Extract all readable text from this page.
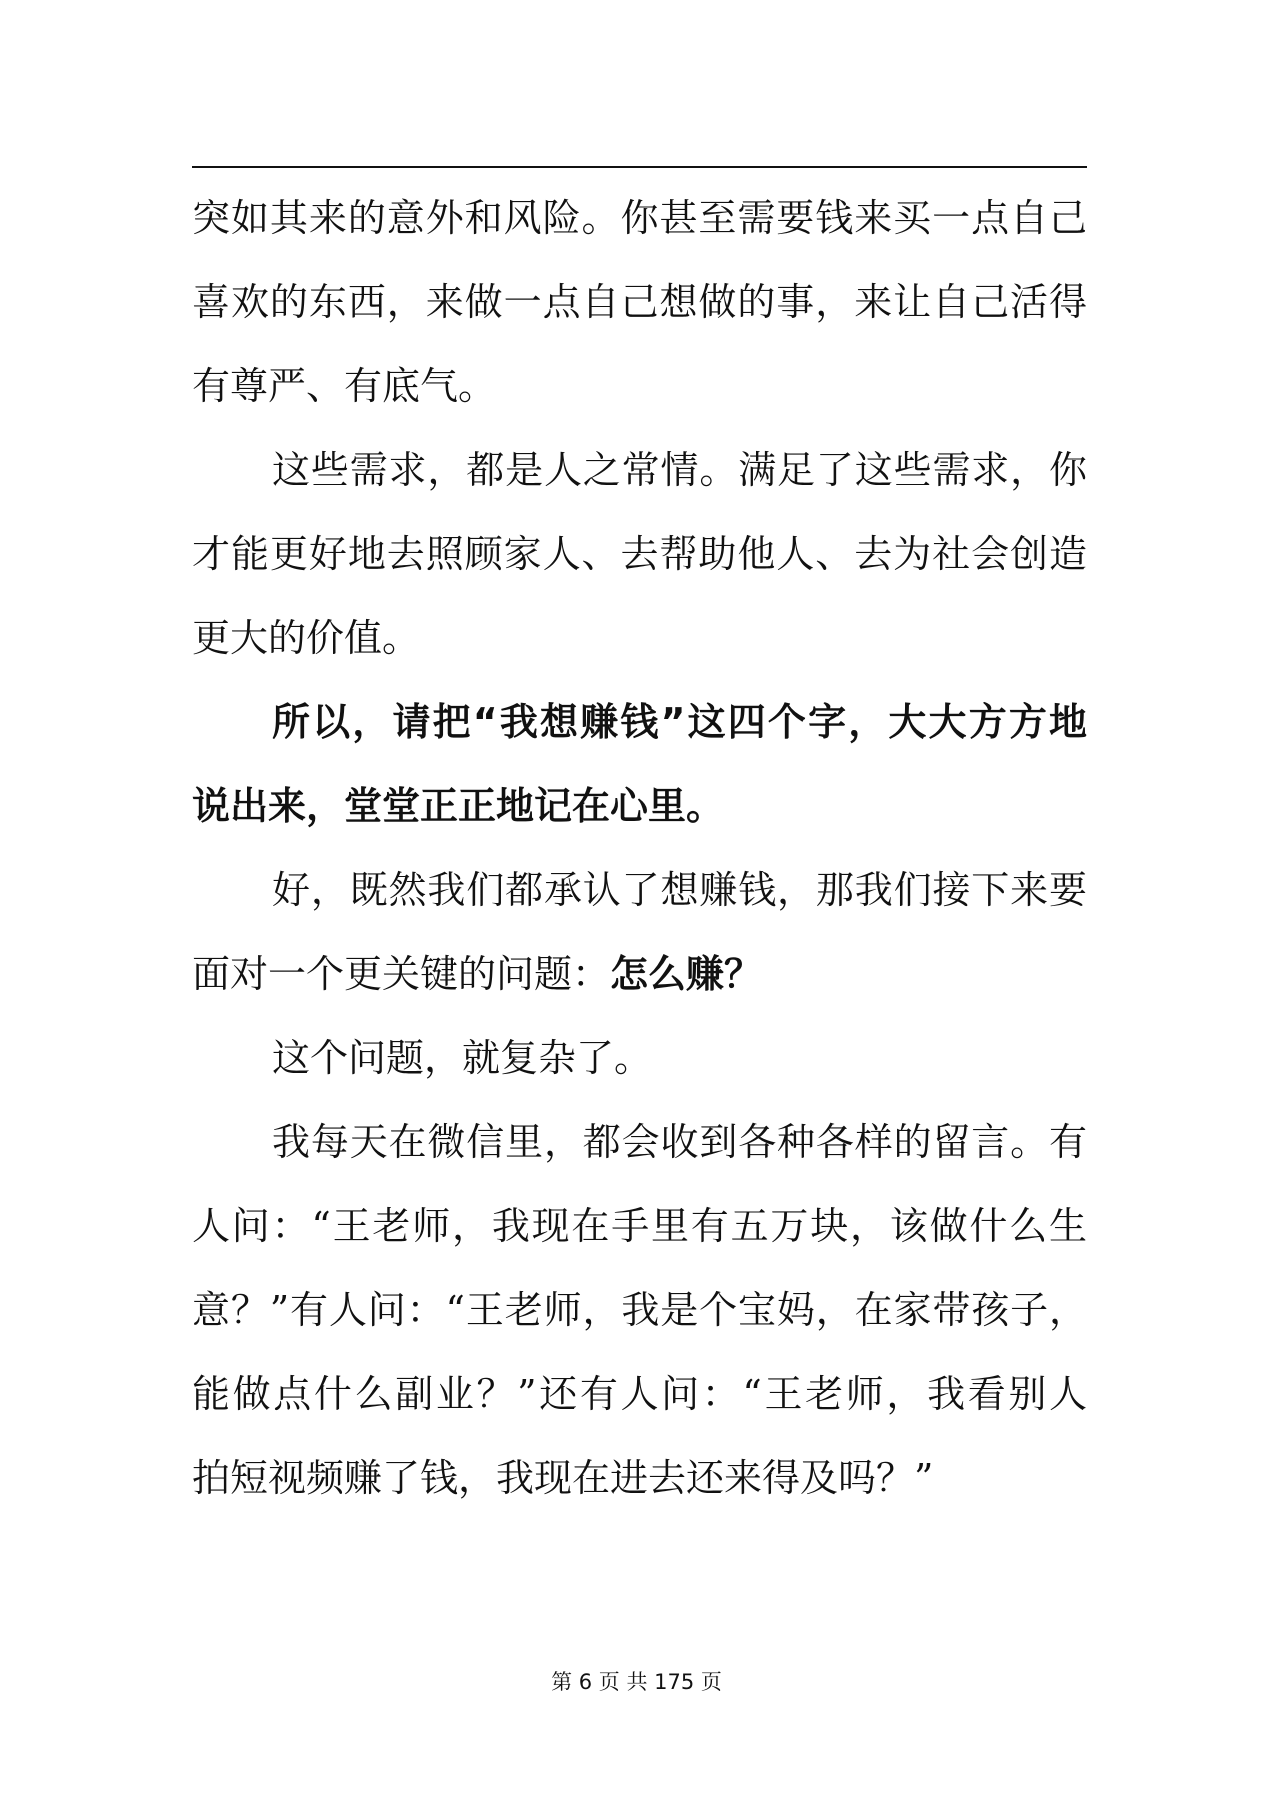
突如其来的意外和风险。你甚至需要钱来买一点自己
喜欢的东西，来做一点自己想做的事，来让自己活得
有尊严、有底气。
这些需求，都是人之常情。满足了这些需求，你
才能更好地去照顾家人、去帮助他人、去为社会创造
更大的价值。
所以，请把“我想赚钱”这四个字，大大方方地
说出来，堂堂正正地记在心里。
好，既然我们都承认了想赚钱，那我们接下来要
面对一个更关键的问题：怎么赚？
这个问题，就复杂了。
我每天在微信里，都会收到各种各样的留言。有
人问：“王老师，我现在手里有五万块，该做什么生
意？”有人问：“王老师，我是个宝妈，在家带孩子，
能做点什么副业？”还有人问：“王老师，我看别人
拍短视频赚了钱，我现在进去还来得及吗？”
第 6 页 共 175 页
